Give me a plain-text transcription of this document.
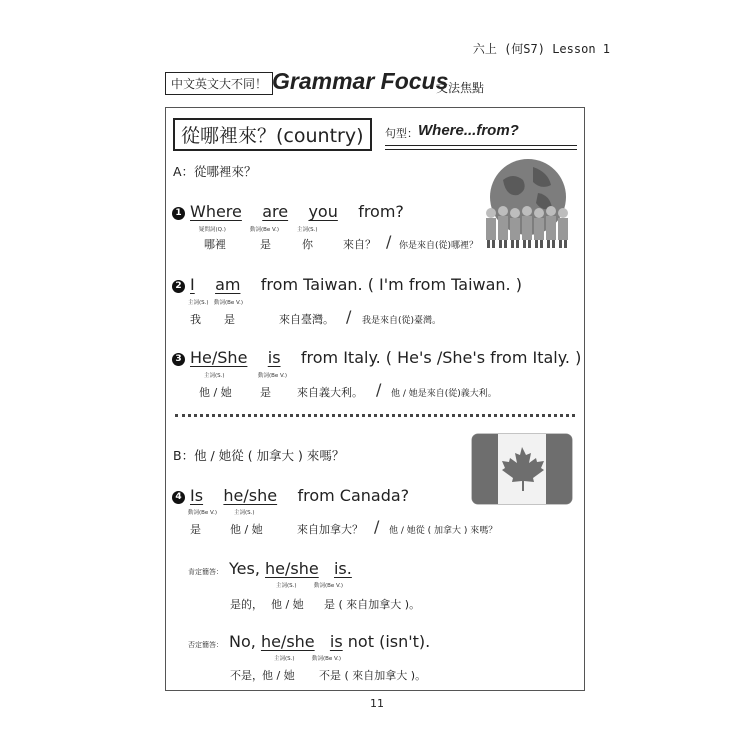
六上 (何S7) Lesson 1
中文英文大不同！ Grammar Focus
文法焦點
從哪裡來？(country)	句型： Where...from?
A：從哪裡來？
1 Where are you from?
疑問詞(Q.)	動詞(Be V.)	主詞(S.)
哪裡	是	你	來自？ / 你是來自(從)哪裡？
2 I am from Taiwan. ( I'm from Taiwan. )
主詞(S.) 動詞(Be V.)
我 是	來自臺灣。 / 我是來自(從)臺灣。
3 He/She is from Italy. ( He's /She's from Italy. )
主詞(S.)	動詞(Be V.)
他 / 她	是 來自義大利。 / 他 / 她是來自(從)義大利。
B：他 / 她從 ( 加拿大 ) 來嗎？
4 Is he/she from Canada?
動詞(Be V.)	主詞(S.)
是	他 / 她	來自加拿大？ / 他 / 她從 ( 加拿大 ) 來嗎？
肯定簡答： Yes, he/she is.
主詞(S.)	動詞(Be V.)
是的， 他 / 她 是 ( 來自加拿大 )。
否定簡答： No, he/she is not (isn't).
主詞(S.)	動詞(Be V.)
不是， 他 / 她 不是 ( 來自加拿大 )。
11
